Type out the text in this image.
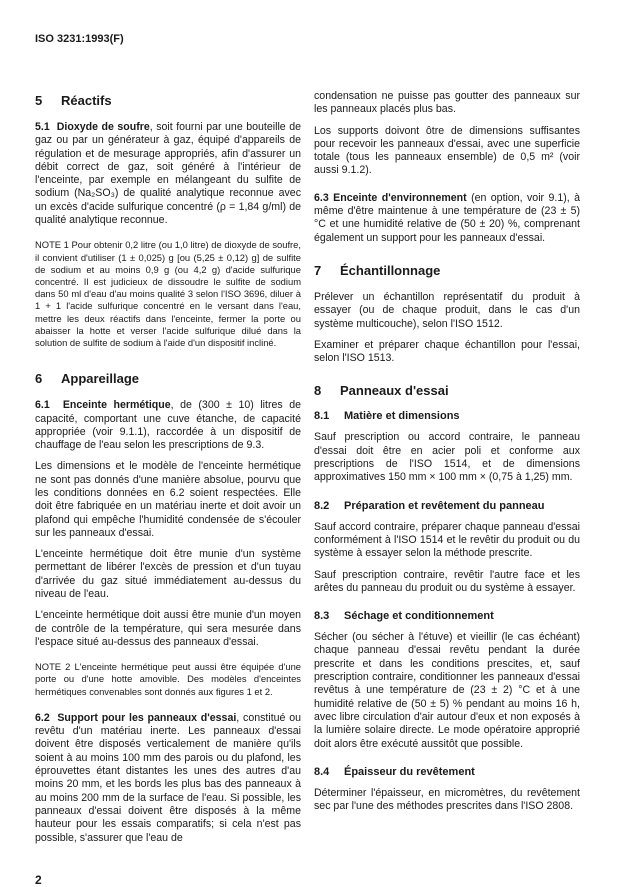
ISO 3231:1993(F)
5 Réactifs
5.1 Dioxyde de soufre, soit fourni par une bouteille de gaz ou par un générateur à gaz, équipé d'appareils de régulation et de mesurage appropriés, afin d'assurer un débit correct de gaz, soit généré à l'intérieur de l'enceinte, par exemple en mélangeant du sulfite de sodium (Na₂SO₃) de qualité analytique reconnue avec un excès d'acide sulfurique concentré (ρ = 1,84 g/ml) de qualité analytique reconnue.
NOTE 1 Pour obtenir 0,2 litre (ou 1,0 litre) de dioxyde de soufre, il convient d'utiliser (1 ± 0,025) g [ou (5,25 ± 0,12) g] de sulfite de sodium et au moins 0,9 g (ou 4,2 g) d'acide sulfurique concentré. Il est judicieux de dissoudre le sulfite de sodium dans 50 ml d'eau d'au moins qualité 3 selon l'ISO 3696, diluer à 1 + 1 l'acide sulfurique concentré en le versant dans l'eau, mettre les deux réactifs dans l'enceinte, fermer la porte ou abaisser la hotte et verser l'acide sulfurique dilué dans la solution de sulfite de sodium à l'aide d'un dispositif incliné.
6 Appareillage
6.1 Enceinte hermétique, de (300 ± 10) litres de capacité, comportant une cuve étanche, de capacité appropriée (voir 9.1.1), raccordée à un dispositif de chauffage de l'eau selon les prescriptions de 9.3.
Les dimensions et le modèle de l'enceinte hermétique ne sont pas donnés d'une manière absolue, pourvu que les conditions données en 6.2 soient respectées. Elle doit être fabriquée en un matériau inerte et doit avoir un plafond qui empêche l'humidité condensée de s'écouler sur les panneaux d'essai.
L'enceinte hermétique doit être munie d'un système permettant de libérer l'excès de pression et d'un tuyau d'arrivée du gaz situé immédiatement au-dessus du niveau de l'eau.
L'enceinte hermétique doit aussi être munie d'un moyen de contrôle de la température, qui sera mesurée dans l'espace situé au-dessus des panneaux d'essai.
NOTE 2 L'enceinte hermétique peut aussi être équipée d'une porte ou d'une hotte amovible. Des modèles d'enceintes hermétiques convenables sont donnés aux figures 1 et 2.
6.2 Support pour les panneaux d'essai, constitué ou revêtu d'un matériau inerte. Les panneaux d'essai doivent être disposés verticalement de manière qu'ils soient à au moins 100 mm des parois ou du plafond, les éprouvettes étant distantes les unes des autres d'au moins 20 mm, et les bords les plus bas des panneaux à au moins 200 mm de la surface de l'eau. Si possible, les panneaux d'essai doivent être disposés à la même hauteur pour les essais comparatifs; si cela n'est pas possible, s'assurer que l'eau de
2
condensation ne puisse pas goutter des panneaux sur les panneaux placés plus bas.
Los supports doivont ôtre de dimensions suffisantes pour recevoir les panneaux d'essai, avec une superficie totale (tous les panneaux ensemble) de 0,5 m² (voir aussi 9.1.2).
6.3 Enceinte d'environnement (en option, voir 9.1), à même d'être maintenue à une température de (23 ± 5) °C et une humidité relative de (50 ± 20) %, comprenant également un support pour les panneaux d'essai.
7 Échantillonnage
Prélever un échantillon représentatif du produit à essayer (ou de chaque produit, dans le cas d'un système multicouche), selon l'ISO 1512.
Examiner et préparer chaque échantillon pour l'essai, selon l'ISO 1513.
8 Panneaux d'essai
8.1 Matière et dimensions
Sauf prescription ou accord contraire, le panneau d'essai doit être en acier poli et conforme aux prescriptions de l'ISO 1514, et de dimensions approximatives 150 mm × 100 mm × (0,75 à 1,25) mm.
8.2 Préparation et revêtement du panneau
Sauf accord contraire, préparer chaque panneau d'essai conformément à l'ISO 1514 et le revêtir du produit ou du système à essayer selon la méthode prescrite.
Sauf prescription contraire, revêtir l'autre face et les arêtes du panneau du produit ou du système à essayer.
8.3 Séchage et conditionnement
Sécher (ou sécher à l'étuve) et vieillir (le cas échéant) chaque panneau d'essai revêtu pendant la durée prescrite et dans les conditions prescites, et, sauf prescription contraire, conditionner les panneaux d'essai revêtus à une température de (23 ± 2) °C et à une humidité relative de (50 ± 5) % pendant au moins 16 h, avec libre circulation d'air autour d'eux et non exposés à la lumière solaire directe. Le mode opératoire approprié doit alors être exécuté aussitôt que possible.
8.4 Épaisseur du revêtement
Déterminer l'épaisseur, en micromètres, du revêtement sec par l'une des méthodes prescrites dans l'ISO 2808.
